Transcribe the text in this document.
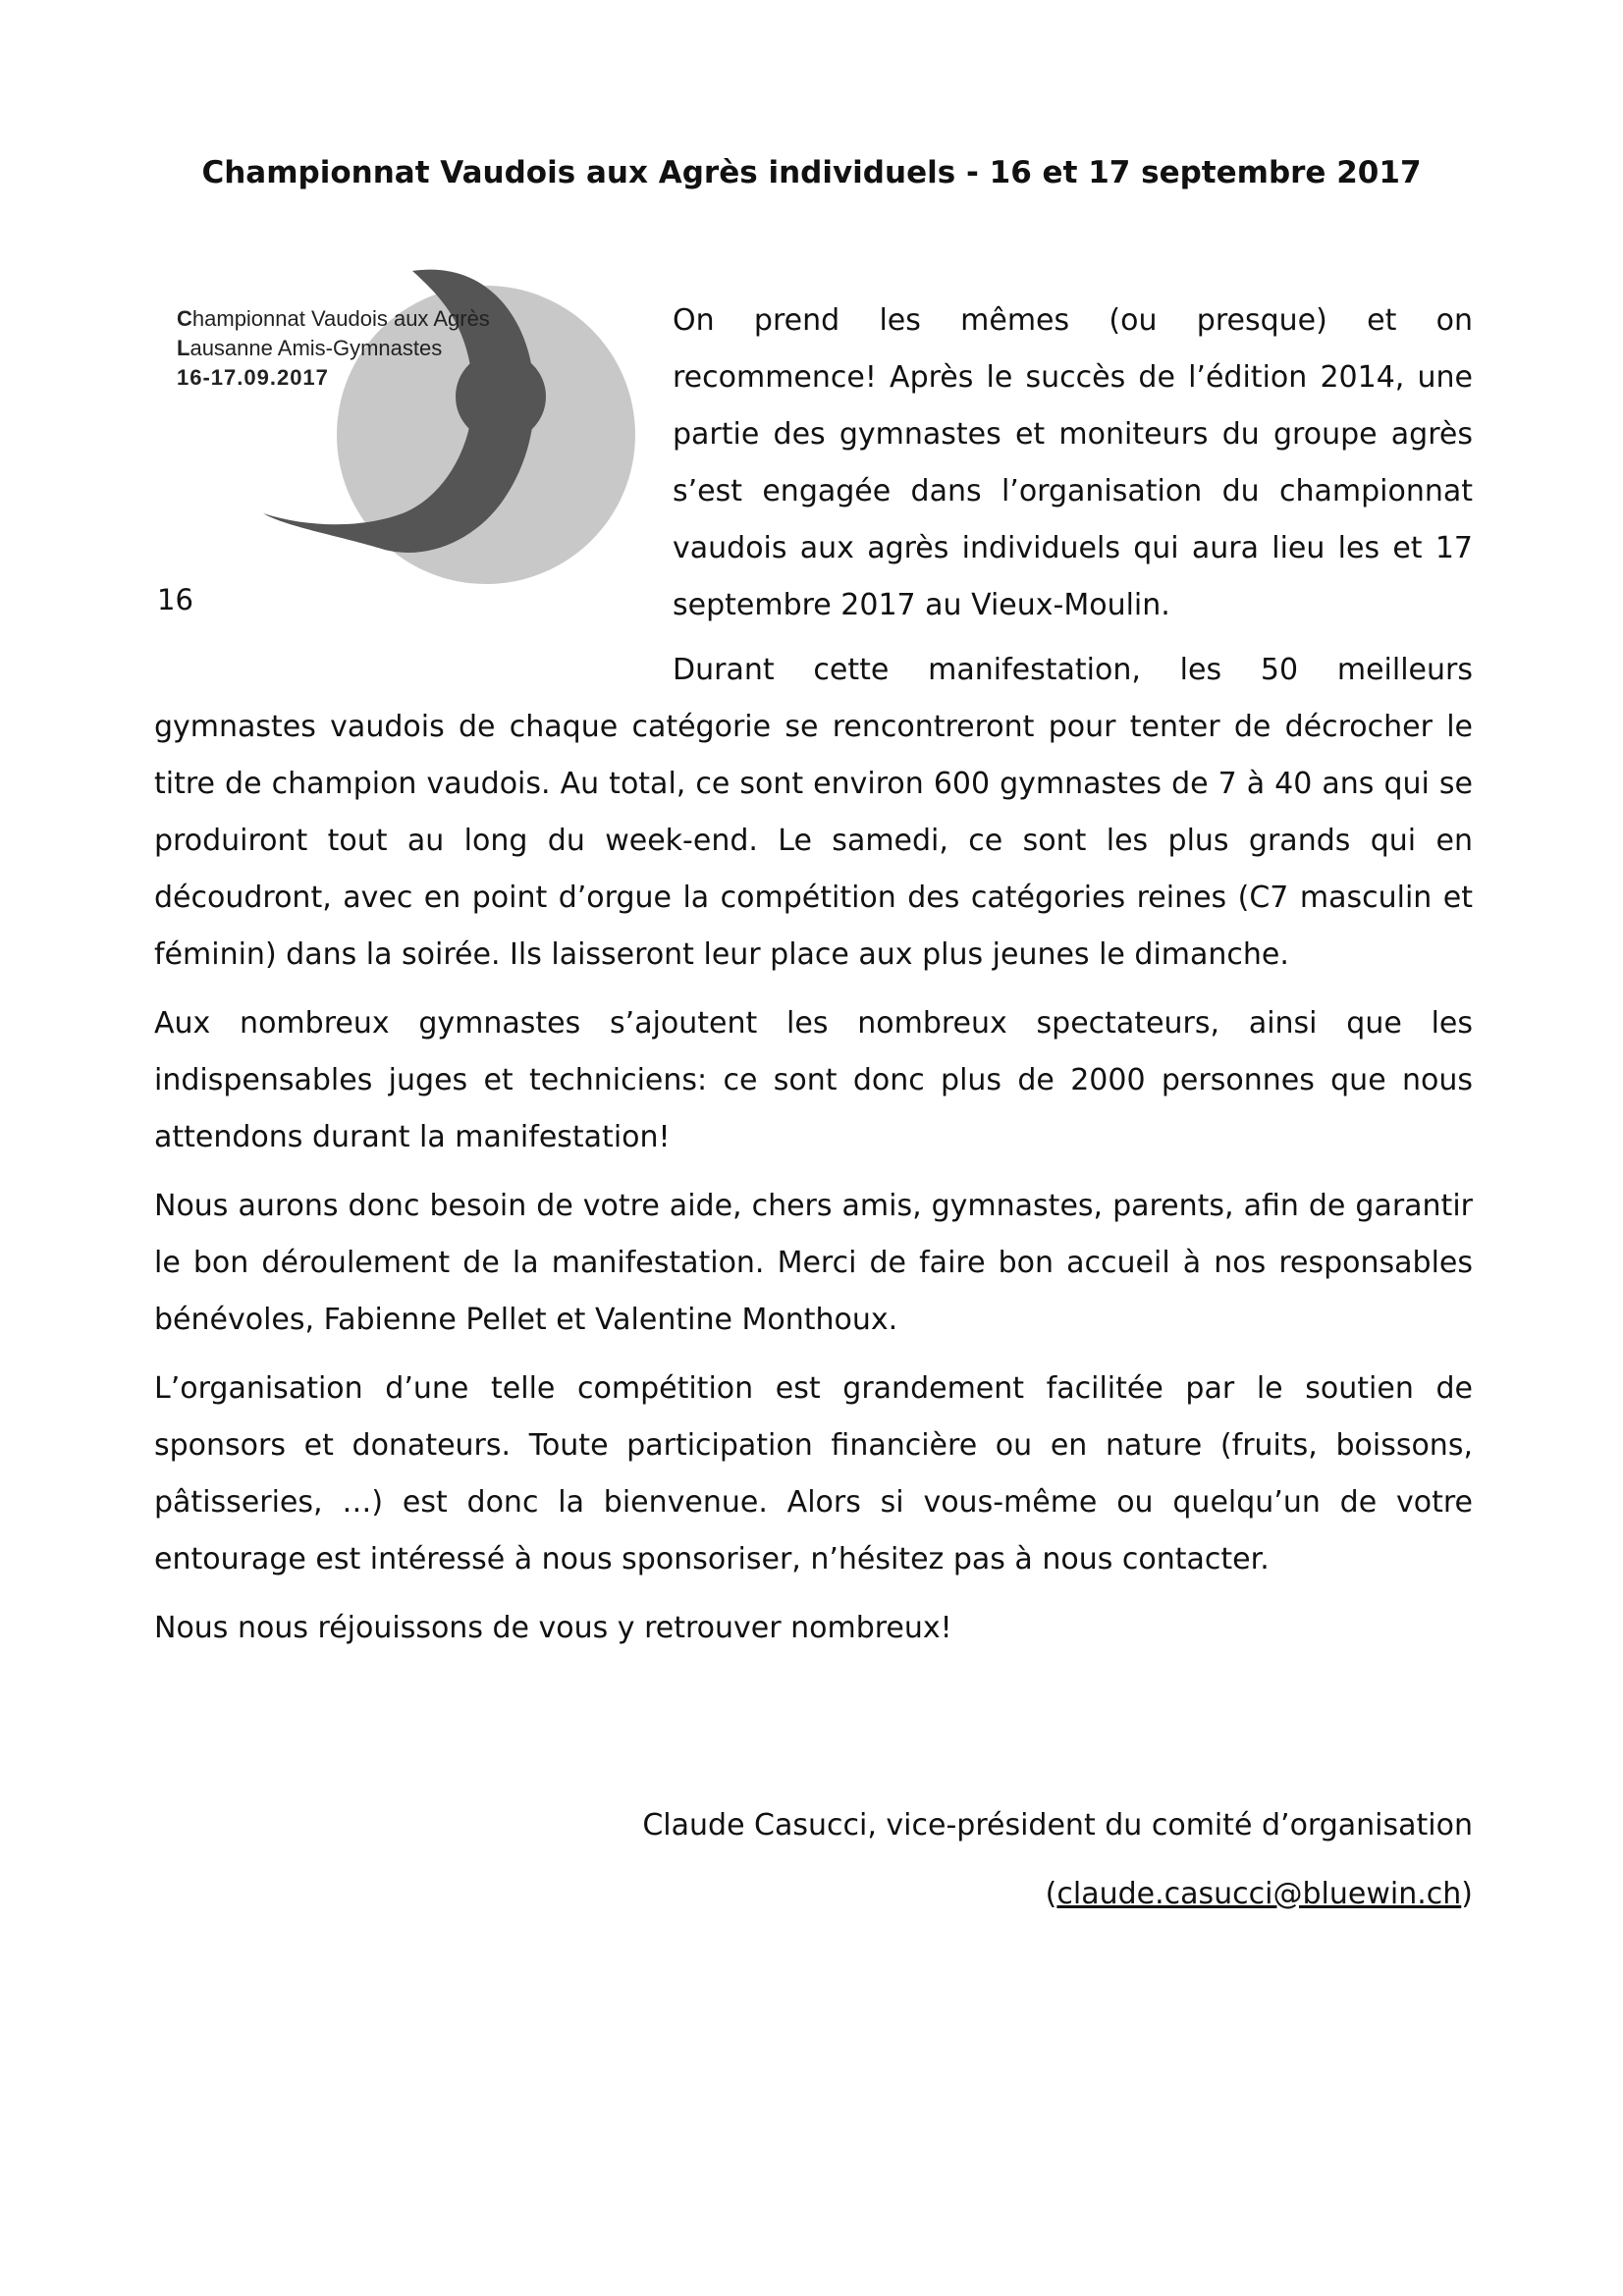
Championnat Vaudois aux Agrès individuels - 16 et 17 septembre 2017
Championnat Vaudois aux Agrès
Lausanne Amis-Gymnastes
16-17.09.2017
16
On prend les mêmes (ou presque) et on recommence! Après le succès de l’édition 2014, une partie des gymnastes et moniteurs du groupe agrès s’est engagée dans l’organisation du championnat vaudois aux agrès individuels qui aura lieu les et 17 septembre 2017 au Vieux-Moulin.

Durant cette manifestation, les 50 meilleurs gymnastes vaudois de chaque catégorie se rencontreront pour tenter de décrocher le titre de champion vaudois. Au total, ce sont environ 600 gymnastes de 7 à 40 ans qui se produiront tout au long du week-end. Le samedi, ce sont les plus grands qui en découdront, avec en point d’orgue la compétition des catégories reines (C7 masculin et féminin) dans la soirée. Ils laisseront leur place aux plus jeunes le dimanche.

Aux nombreux gymnastes s’ajoutent les nombreux spectateurs, ainsi que les indispensables juges et techniciens: ce sont donc plus de 2000 personnes que nous attendons durant la manifestation!

Nous aurons donc besoin de votre aide, chers amis, gymnastes, parents, afin de garantir le bon déroulement de la manifestation. Merci de faire bon accueil à nos responsables bénévoles, Fabienne Pellet et Valentine Monthoux.

L’organisation d’une telle compétition est grandement facilitée par le soutien de sponsors et donateurs. Toute participation financière ou en nature (fruits, boissons, pâtisseries, …) est donc la bienvenue. Alors si vous-même ou quelqu’un de votre entourage est intéressé à nous sponsoriser, n’hésitez pas à nous contacter.

Nous nous réjouissons de vous y retrouver nombreux!

Claude Casucci, vice-président du comité d’organisation
(claude.casucci@bluewin.ch)
